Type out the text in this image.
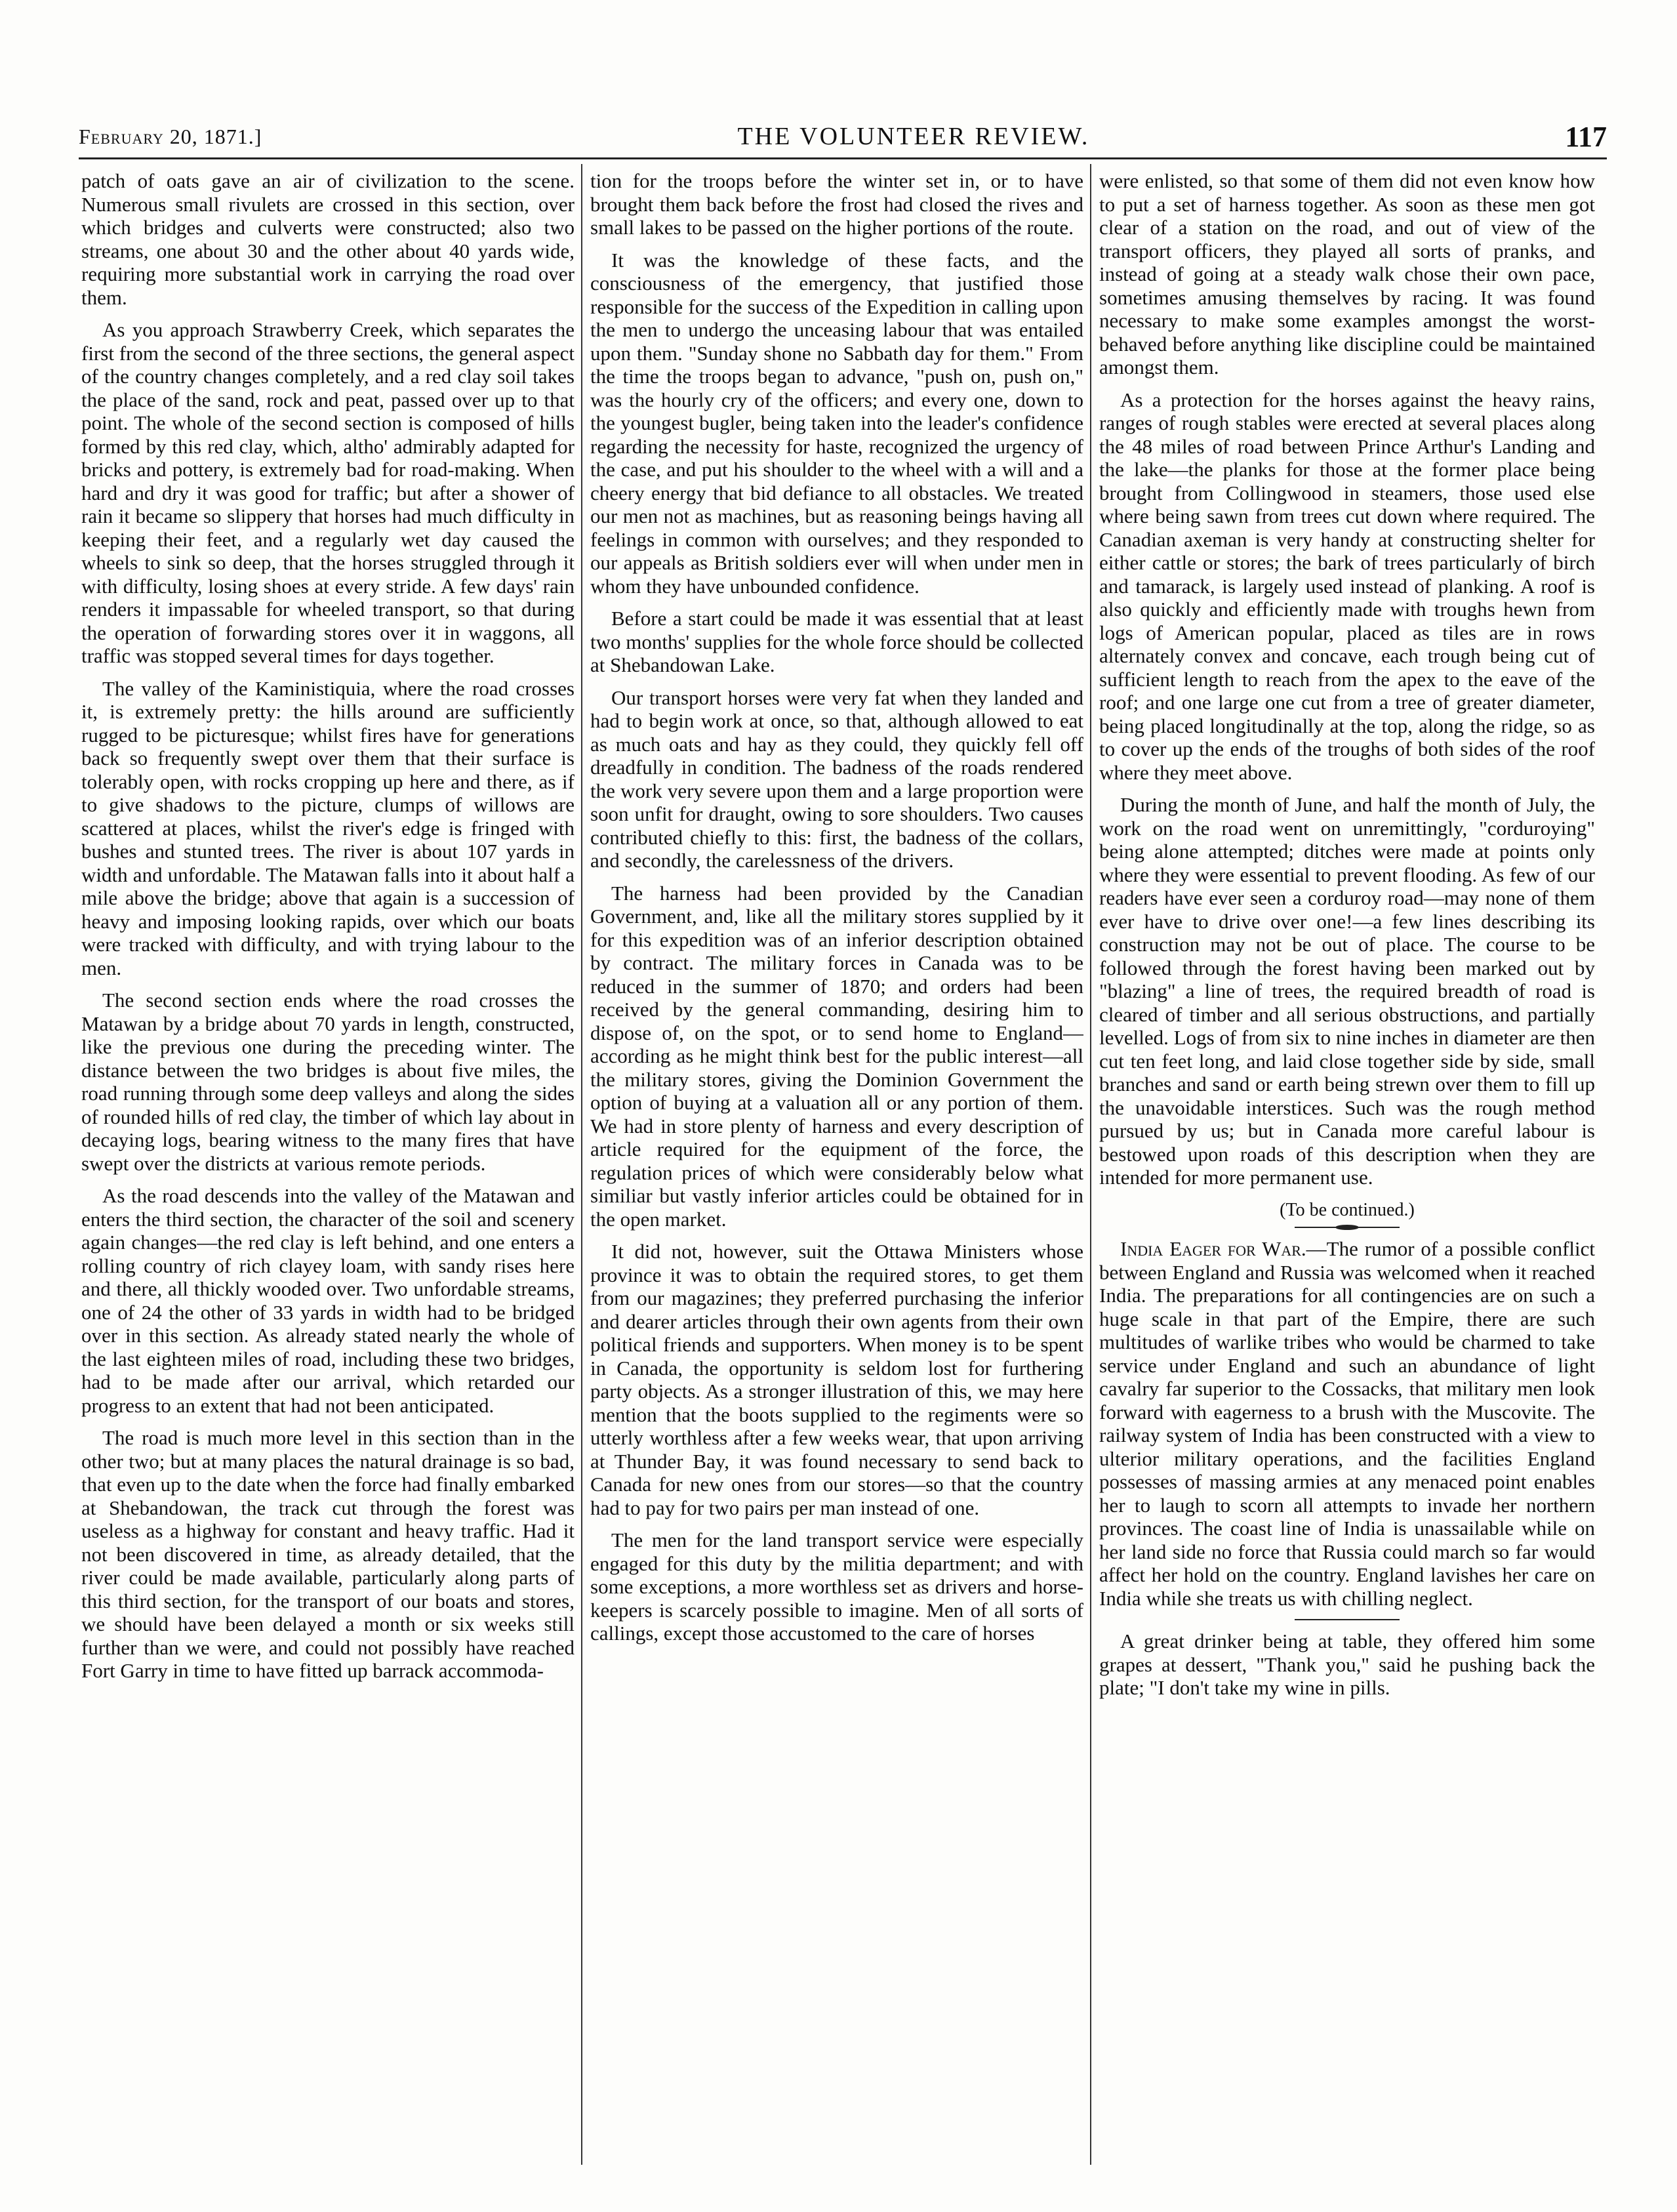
February 20, 1871.]	THE VOLUNTEER REVIEW.	117

patch of oats gave an air of civilization to the scene. Numerous small rivulets are crossed in this section, over which bridges and culverts were constructed; also two streams, one about 30 and the other about 40 yards wide, requiring more substantial work in carrying the road over them.

As you approach Strawberry Creek, which separates the first from the second of the three sections, the general aspect of the country changes completely, and a red clay soil takes the place of the sand, rock and peat, passed over up to that point. The whole of the second section is composed of hills formed by this red clay, which, altho' admirably adapted for bricks and pottery, is extremely bad for road-making. When hard and dry it was good for traffic; but after a shower of rain it became so slippery that horses had much difficulty in keeping their feet, and a regularly wet day caused the wheels to sink so deep, that the horses struggled through it with difficulty, losing shoes at every stride. A few days' rain renders it impassable for wheeled transport, so that during the operation of forwarding stores over it in waggons, all traffic was stopped several times for days together.

The valley of the Kaministiquia, where the road crosses it, is extremely pretty: the hills around are sufficiently rugged to be picturesque; whilst fires have for generations back so frequently swept over them that their surface is tolerably open, with rocks cropping up here and there, as if to give shadows to the picture, clumps of willows are scattered at places, whilst the river's edge is fringed with bushes and stunted trees. The river is about 107 yards in width and unfordable. The Matawan falls into it about half a mile above the bridge; above that again is a succession of heavy and imposing looking rapids, over which our boats were tracked with difficulty, and with trying labour to the men.

The second section ends where the road crosses the Matawan by a bridge about 70 yards in length, constructed, like the previous one during the preceding winter. The distance between the two bridges is about five miles, the road running through some deep valleys and along the sides of rounded hills of red clay, the timber of which lay about in decaying logs, bearing witness to the many fires that have swept over the districts at various remote periods.

As the road descends into the valley of the Matawan and enters the third section, the character of the soil and scenery again changes—the red clay is left behind, and one enters a rolling country of rich clayey loam, with sandy rises here and there, all thickly wooded over. Two unfordable streams, one of 24 the other of 33 yards in width had to be bridged over in this section. As already stated nearly the whole of the last eighteen miles of road, including these two bridges, had to be made after our arrival, which retarded our progress to an extent that had not been anticipated.

The road is much more level in this section than in the other two; but at many places the natural drainage is so bad, that even up to the date when the force had finally embarked at Shebandowan, the track cut through the forest was useless as a highway for constant and heavy traffic. Had it not been discovered in time, as already detailed, that the river could be made available, particularly along parts of this third section, for the transport of our boats and stores, we should have been delayed a month or six weeks still further than we were, and could not possibly have reached Fort Garry in time to have fitted up barrack accommoda-

tion for the troops before the winter set in, or to have brought them back before the frost had closed the rives and small lakes to be passed on the higher portions of the route.

It was the knowledge of these facts, and the consciousness of the emergency, that justified those responsible for the success of the Expedition in calling upon the men to undergo the unceasing labour that was entailed upon them. "Sunday shone no Sabbath day for them." From the time the troops began to advance, "push on, push on," was the hourly cry of the officers; and every one, down to the youngest bugler, being taken into the leader's confidence regarding the necessity for haste, recognized the urgency of the case, and put his shoulder to the wheel with a will and a cheery energy that bid defiance to all obstacles. We treated our men not as machines, but as reasoning beings having all feelings in common with ourselves; and they responded to our appeals as British soldiers ever will when under men in whom they have unbounded confidence.

Before a start could be made it was essential that at least two months' supplies for the whole force should be collected at Shebandowan Lake.

Our transport horses were very fat when they landed and had to begin work at once, so that, although allowed to eat as much oats and hay as they could, they quickly fell off dreadfully in condition. The badness of the roads rendered the work very severe upon them and a large proportion were soon unfit for draught, owing to sore shoulders. Two causes contributed chiefly to this: first, the badness of the collars, and secondly, the carelessness of the drivers.

The harness had been provided by the Canadian Government, and, like all the military stores supplied by it for this expedition was of an inferior description obtained by contract. The military forces in Canada was to be reduced in the summer of 1870; and orders had been received by the general commanding, desiring him to dispose of, on the spot, or to send home to England—according as he might think best for the public interest—all the military stores, giving the Dominion Government the option of buying at a valuation all or any portion of them. We had in store plenty of harness and every description of article required for the equipment of the force, the regulation prices of which were considerably below what similiar but vastly inferior articles could be obtained for in the open market.

It did not, however, suit the Ottawa Ministers whose province it was to obtain the required stores, to get them from our magazines; they preferred purchasing the inferior and dearer articles through their own agents from their own political friends and supporters. When money is to be spent in Canada, the opportunity is seldom lost for furthering party objects. As a stronger illustration of this, we may here mention that the boots supplied to the regiments were so utterly worthless after a few weeks wear, that upon arriving at Thunder Bay, it was found necessary to send back to Canada for new ones from our stores—so that the country had to pay for two pairs per man instead of one.

The men for the land transport service were especially engaged for this duty by the militia department; and with some exceptions, a more worthless set as drivers and horse-keepers is scarcely possible to imagine. Men of all sorts of callings, except those accustomed to the care of horses

were enlisted, so that some of them did not even know how to put a set of harness together. As soon as these men got clear of a station on the road, and out of view of the transport officers, they played all sorts of pranks, and instead of going at a steady walk chose their own pace, sometimes amusing themselves by racing. It was found necessary to make some examples amongst the worst-behaved before anything like discipline could be maintained amongst them.

As a protection for the horses against the heavy rains, ranges of rough stables were erected at several places along the 48 miles of road between Prince Arthur's Landing and the lake—the planks for those at the former place being brought from Collingwood in steamers, those used else where being sawn from trees cut down where required. The Canadian axeman is very handy at constructing shelter for either cattle or stores; the bark of trees particularly of birch and tamarack, is largely used instead of planking. A roof is also quickly and efficiently made with troughs hewn from logs of American popular, placed as tiles are in rows alternately convex and concave, each trough being cut of sufficient length to reach from the apex to the eave of the roof; and one large one cut from a tree of greater diameter, being placed longitudinally at the top, along the ridge, so as to cover up the ends of the troughs of both sides of the roof where they meet above.

During the month of June, and half the month of July, the work on the road went on unremittingly, "corduroying" being alone attempted; ditches were made at points only where they were essential to prevent flooding. As few of our readers have ever seen a corduroy road—may none of them ever have to drive over one!—a few lines describing its construction may not be out of place. The course to be followed through the forest having been marked out by "blazing" a line of trees, the required breadth of road is cleared of timber and all serious obstructions, and partially levelled. Logs of from six to nine inches in diameter are then cut ten feet long, and laid close together side by side, small branches and sand or earth being strewn over them to fill up the unavoidable interstices. Such was the rough method pursued by us; but in Canada more careful labour is bestowed upon roads of this description when they are intended for more permanent use.

(To be continued.)

India Eager for War.—The rumor of a possible conflict between England and Russia was welcomed when it reached India. The preparations for all contingencies are on such a huge scale in that part of the Empire, there are such multitudes of warlike tribes who would be charmed to take service under England and such an abundance of light cavalry far superior to the Cossacks, that military men look forward with eagerness to a brush with the Muscovite. The railway system of India has been constructed with a view to ulterior military operations, and the facilities England possesses of massing armies at any menaced point enables her to laugh to scorn all attempts to invade her northern provinces. The coast line of India is unassailable while on her land side no force that Russia could march so far would affect her hold on the country. England lavishes her care on India while she treats us with chilling neglect.

A great drinker being at table, they offered him some grapes at dessert, "Thank you," said he pushing back the plate; "I don't take my wine in pills.
